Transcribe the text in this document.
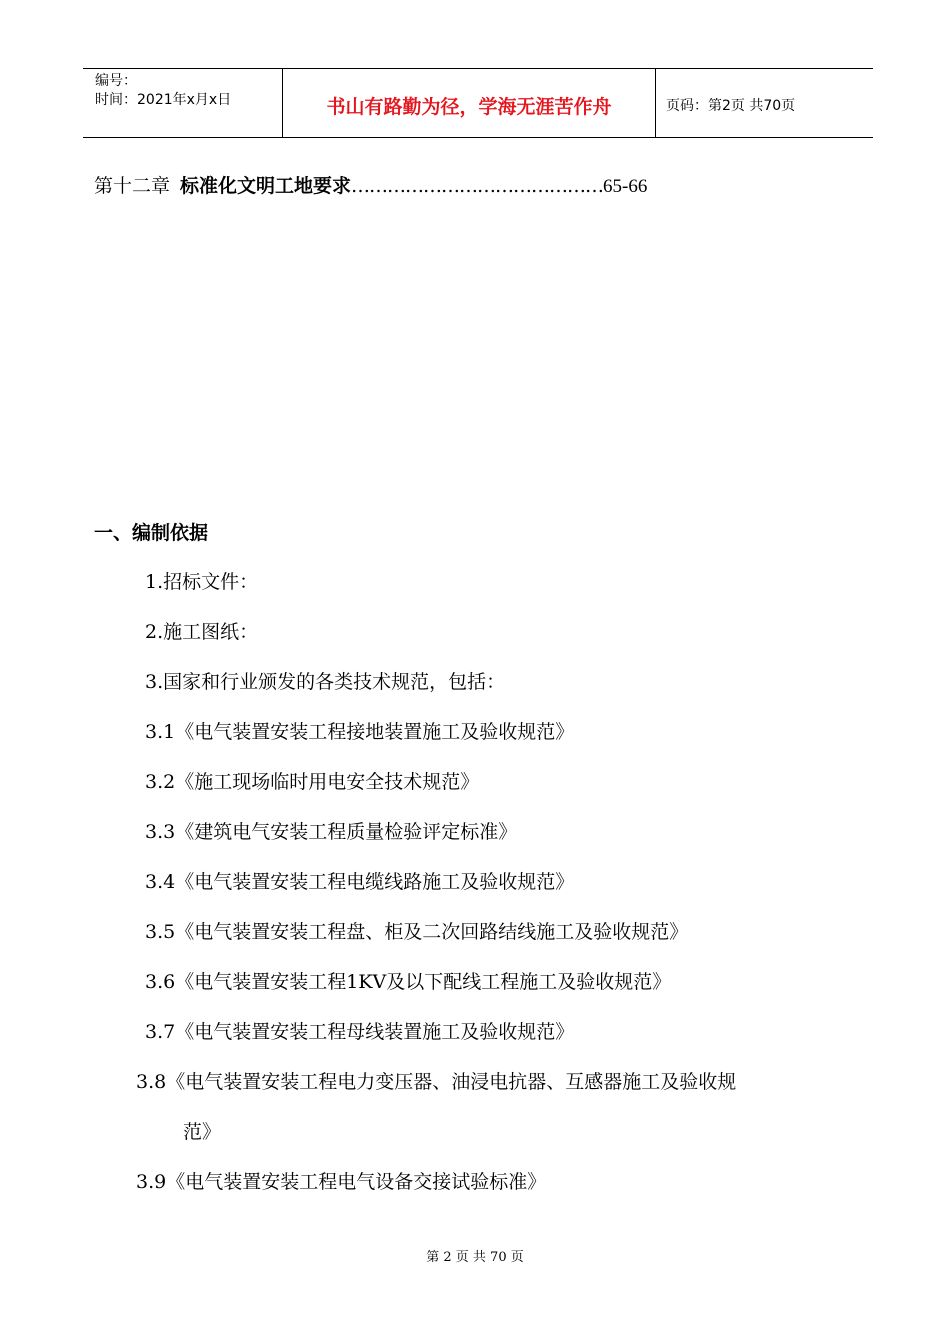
编号：
时间：2021年x月x日	书山有路勤为径，学海无涯苦作舟	页码：第2页 共70页
第十二章 标准化文明工地要求……………………………………65-66
一、编制依据
1.招标文件：
2.施工图纸：
3.国家和行业颁发的各类技术规范，包括：
3.1《电气装置安装工程接地装置施工及验收规范》
3.2《施工现场临时用电安全技术规范》
3.3《建筑电气安装工程质量检验评定标准》
3.4《电气装置安装工程电缆线路施工及验收规范》
3.5《电气装置安装工程盘、柜及二次回路结线施工及验收规范》
3.6《电气装置安装工程1KV及以下配线工程施工及验收规范》
3.7《电气装置安装工程母线装置施工及验收规范》
3.8《电气装置安装工程电力变压器、油浸电抗器、互感器施工及验收规
范》
3.9《电气装置安装工程电气设备交接试验标准》
第 2 页 共 70 页
